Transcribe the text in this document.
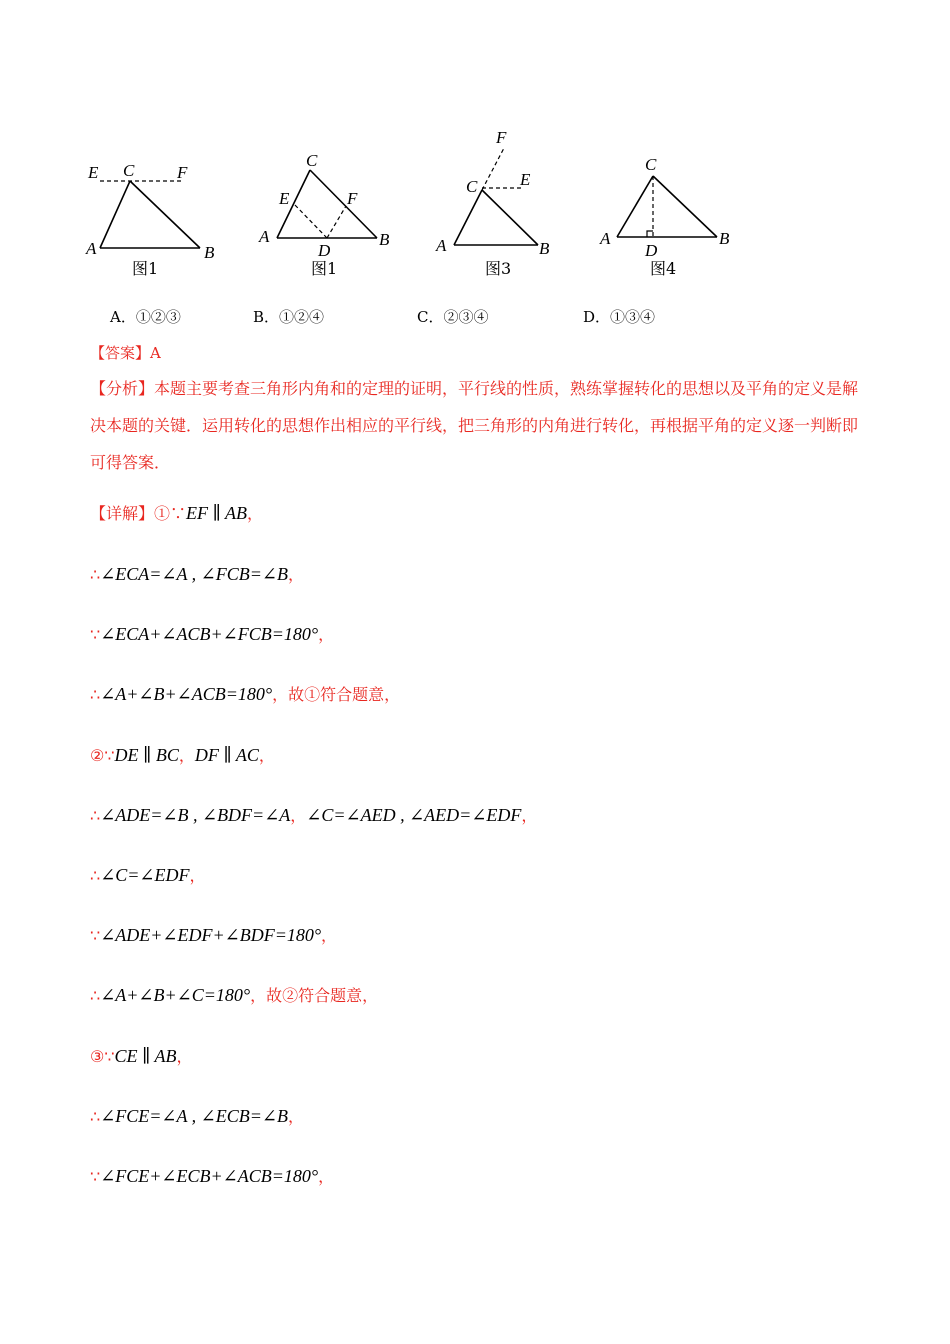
E C	F
A	B
图1
C
E	F
A	B
D
图1
F
C	E
A	B
图3
C
A	B
D
图4
A．①②③	B．①②④	C．②③④	D．①③④
【答案】A
【分析】本题主要考查三角形内角和的定理的证明，平行线的性质，熟练掌握转化的思想以及平角的定义是解决本题的关键．运用转化的思想作出相应的平行线，把三角形的内角进行转化，再根据平角的定义逐一判断即可得答案．
【详解】①∵EF ∥ AB，
∴∠ECA=∠A , ∠FCB=∠B，
∵∠ECA+∠ACB+∠FCB=180°，
∴∠A+∠B+∠ACB=180°，故①符合题意，
②∵DE ∥ BC，DF ∥ AC，
∴∠ADE=∠B , ∠BDF=∠A，∠C=∠AED , ∠AED=∠EDF，
∴∠C=∠EDF，
∵∠ADE+∠EDF+∠BDF=180°，
∴∠A+∠B+∠C=180°，故②符合题意，
③∵CE ∥ AB，
∴∠FCE=∠A , ∠ECB=∠B，
∵∠FCE+∠ECB+∠ACB=180°，
